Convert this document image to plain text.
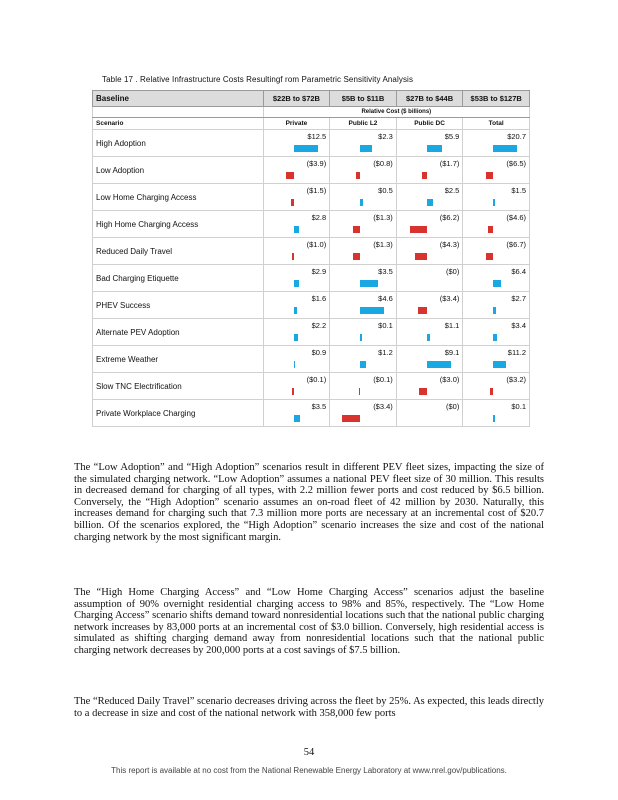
Table 17 . Relative Infrastructure Costs Resultingf rom Parametric Sensitivity Analysis
Baseline	$22B to $72B	$5B to $11B	$27B to $44B	$53B to $127B
	Relative Cost ($ billions)			
Scenario	Private	Public L2	Public DC	Total
High Adoption	$12.5	$2.3	$5.9	$20.7

Low Adoption	($3.9)	($0.8)	($1.7)	($6.5)

Low Home Charging Access	($1.5)	$0.5	$2.5	$1.5

High Home Charging Access	$2.8	($1.3)	($6.2)	($4.6)

Reduced Daily Travel	($1.0)	($1.3)	($4.3)	($6.7)

Bad Charging Etiquette	$2.9	$3.5	($0)	$6.4

PHEV Success	$1.6	$4.6	($3.4)	$2.7

Alternate PEV Adoption	$2.2	$0.1	$1.1	$3.4

Extreme Weather	$0.9	$1.2	$9.1	$11.2

Slow TNC Electrification	($0.1)	($0.1)	($3.0)	($3.2)

Private Workplace Charging	$3.5	($3.4)	($0)	$0.1

The “Low Adoption” and “High Adoption” scenarios result in different PEV fleet sizes, impacting the size of the simulated charging network. “Low Adoption” assumes a national PEV fleet size of 30 million. This results in decreased demand for charging of all types, with 2.2 million fewer ports and cost reduced by $6.5 billion. Conversely, the “High Adoption” scenario assumes an on-road fleet of 42 million by 2030. Naturally, this increases demand for charging such that 7.3 million more ports are necessary at an incremental cost of $20.7 billion. Of the scenarios explored, the “High Adoption” scenario increases the size and cost of the national charging network by the most significant margin.

The “High Home Charging Access” and “Low Home Charging Access” scenarios adjust the baseline assumption of 90% overnight residential charging access to 98% and 85%, respectively. The “Low Home Charging Access” scenario shifts demand toward nonresidential locations such that the national public charging network increases by 83,000 ports at an incremental cost of $3.0 billion. Conversely, high residential access is simulated as shifting charging demand away from nonresidential locations such that the national public charging network decreases by 200,000 ports at a cost savings of $7.5 billion.

The “Reduced Daily Travel” scenario decreases driving across the fleet by 25%. As expected, this leads directly to a decrease in size and cost of the national network with 358,000 few ports

54
This report is available at no cost from the National Renewable Energy Laboratory at www.nrel.gov/publications.
